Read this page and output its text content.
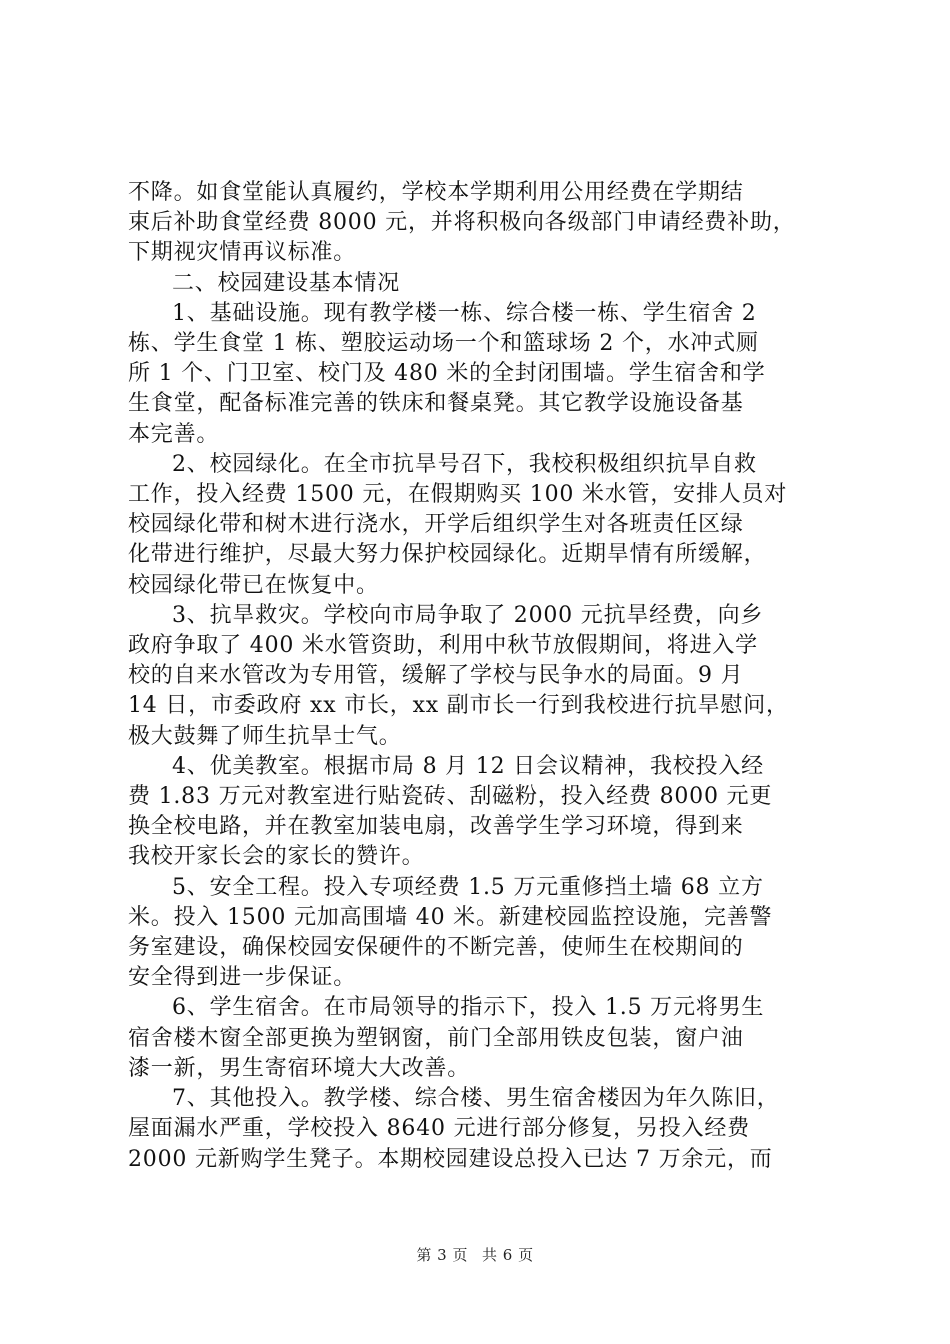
不降。如食堂能认真履约，学校本学期利用公用经费在学期结
束后补助食堂经费 8000 元，并将积极向各级部门申请经费补助，
下期视灾情再议标准。
二、校园建设基本情况
1、基础设施。现有教学楼一栋、综合楼一栋、学生宿舍 2
栋、学生食堂 1 栋、塑胶运动场一个和篮球场 2 个，水冲式厕
所 1 个、门卫室、校门及 480 米的全封闭围墙。学生宿舍和学
生食堂，配备标准完善的铁床和餐桌凳。其它教学设施设备基
本完善。
2、校园绿化。在全市抗旱号召下，我校积极组织抗旱自救
工作，投入经费 1500 元，在假期购买 100 米水管，安排人员对
校园绿化带和树木进行浇水，开学后组织学生对各班责任区绿
化带进行维护，尽最大努力保护校园绿化。近期旱情有所缓解，
校园绿化带已在恢复中。
3、抗旱救灾。学校向市局争取了 2000 元抗旱经费，向乡
政府争取了 400 米水管资助，利用中秋节放假期间，将进入学
校的自来水管改为专用管，缓解了学校与民争水的局面。9 月
14 日，市委政府 xx 市长，xx 副市长一行到我校进行抗旱慰问，
极大鼓舞了师生抗旱士气。
4、优美教室。根据市局 8 月 12 日会议精神，我校投入经
费 1.83 万元对教室进行贴瓷砖、刮磁粉，投入经费 8000 元更
换全校电路，并在教室加装电扇，改善学生学习环境，得到来
我校开家长会的家长的赞许。
5、安全工程。投入专项经费 1.5 万元重修挡土墙 68 立方
米。投入 1500 元加高围墙 40 米。新建校园监控设施，完善警
务室建设，确保校园安保硬件的不断完善，使师生在校期间的
安全得到进一步保证。
6、学生宿舍。在市局领导的指示下，投入 1.5 万元将男生
宿舍楼木窗全部更换为塑钢窗，前门全部用铁皮包装，窗户油
漆一新，男生寄宿环境大大改善。
7、其他投入。教学楼、综合楼、男生宿舍楼因为年久陈旧，
屋面漏水严重，学校投入 8640 元进行部分修复，另投入经费
2000 元新购学生凳子。本期校园建设总投入已达 7 万余元，而
第 3 页 共 6 页
